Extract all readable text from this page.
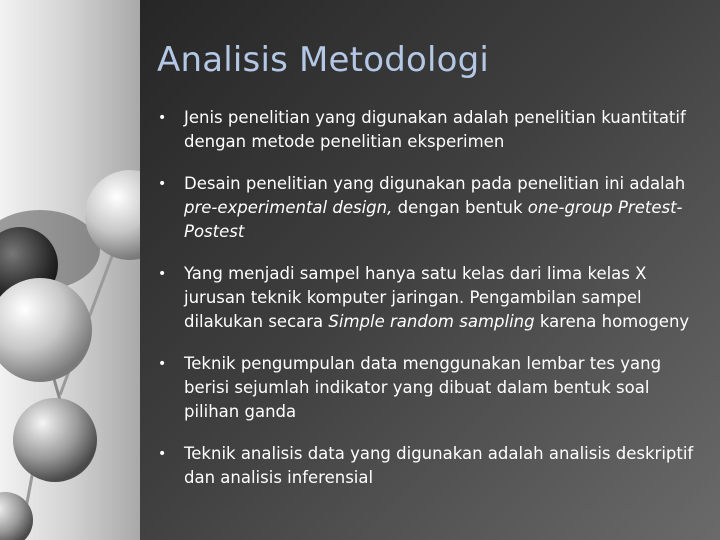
Analisis Metodologi
• Jenis penelitian yang digunakan adalah penelitian kuantitatif dengan metode penelitian eksperimen
• Desain penelitian yang digunakan pada penelitian ini adalah pre-experimental design, dengan bentuk one-group Pretest-Postest
• Yang menjadi sampel hanya satu kelas dari lima kelas X jurusan teknik komputer jaringan. Pengambilan sampel dilakukan secara Simple random sampling karena homogeny
• Teknik pengumpulan data menggunakan lembar tes yang berisi sejumlah indikator yang dibuat dalam bentuk soal pilihan ganda
• Teknik analisis data yang digunakan adalah analisis deskriptif dan analisis inferensial
